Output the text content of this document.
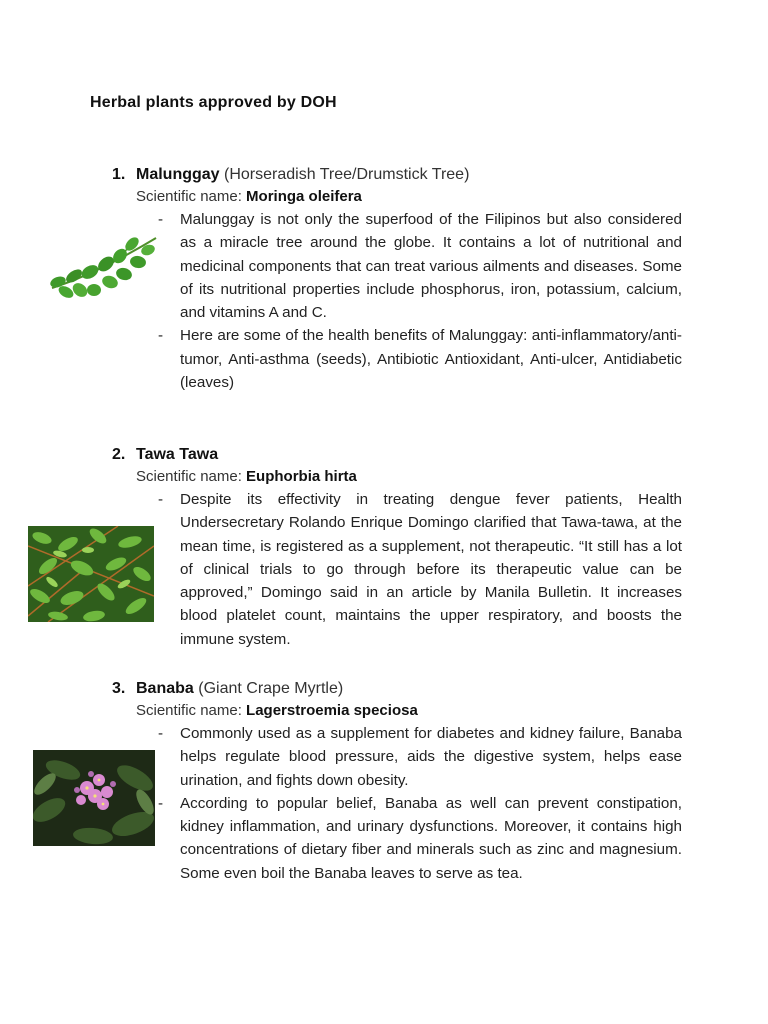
Herbal plants approved by DOH
1. Malunggay (Horseradish Tree/Drumstick Tree)
Scientific name: Moringa oleifera
- Malunggay is not only the superfood of the Filipinos but also considered as a miracle tree around the globe. It contains a lot of nutritional and medicinal components that can treat various ailments and diseases. Some of its nutritional properties include phosphorus, iron, potassium, calcium, and vitamins A and C.
- Here are some of the health benefits of Malunggay: anti-inflammatory/anti-tumor, Anti-asthma (seeds), Antibiotic Antioxidant, Anti-ulcer, Antidiabetic (leaves)
2. Tawa Tawa
Scientific name: Euphorbia hirta
- Despite its effectivity in treating dengue fever patients, Health Undersecretary Rolando Enrique Domingo clarified that Tawa-tawa, at the mean time, is registered as a supplement, not therapeutic. “It still has a lot of clinical trials to go through before its therapeutic value can be approved,” Domingo said in an article by Manila Bulletin. It increases blood platelet count, maintains the upper respiratory, and boosts the immune system.
3. Banaba (Giant Crape Myrtle)
Scientific name: Lagerstroemia speciosa
- Commonly used as a supplement for diabetes and kidney failure, Banaba helps regulate blood pressure, aids the digestive system, helps ease urination, and fights down obesity.
- According to popular belief, Banaba as well can prevent constipation, kidney inflammation, and urinary dysfunctions. Moreover, it contains high concentrations of dietary fiber and minerals such as zinc and magnesium. Some even boil the Banaba leaves to serve as tea.
